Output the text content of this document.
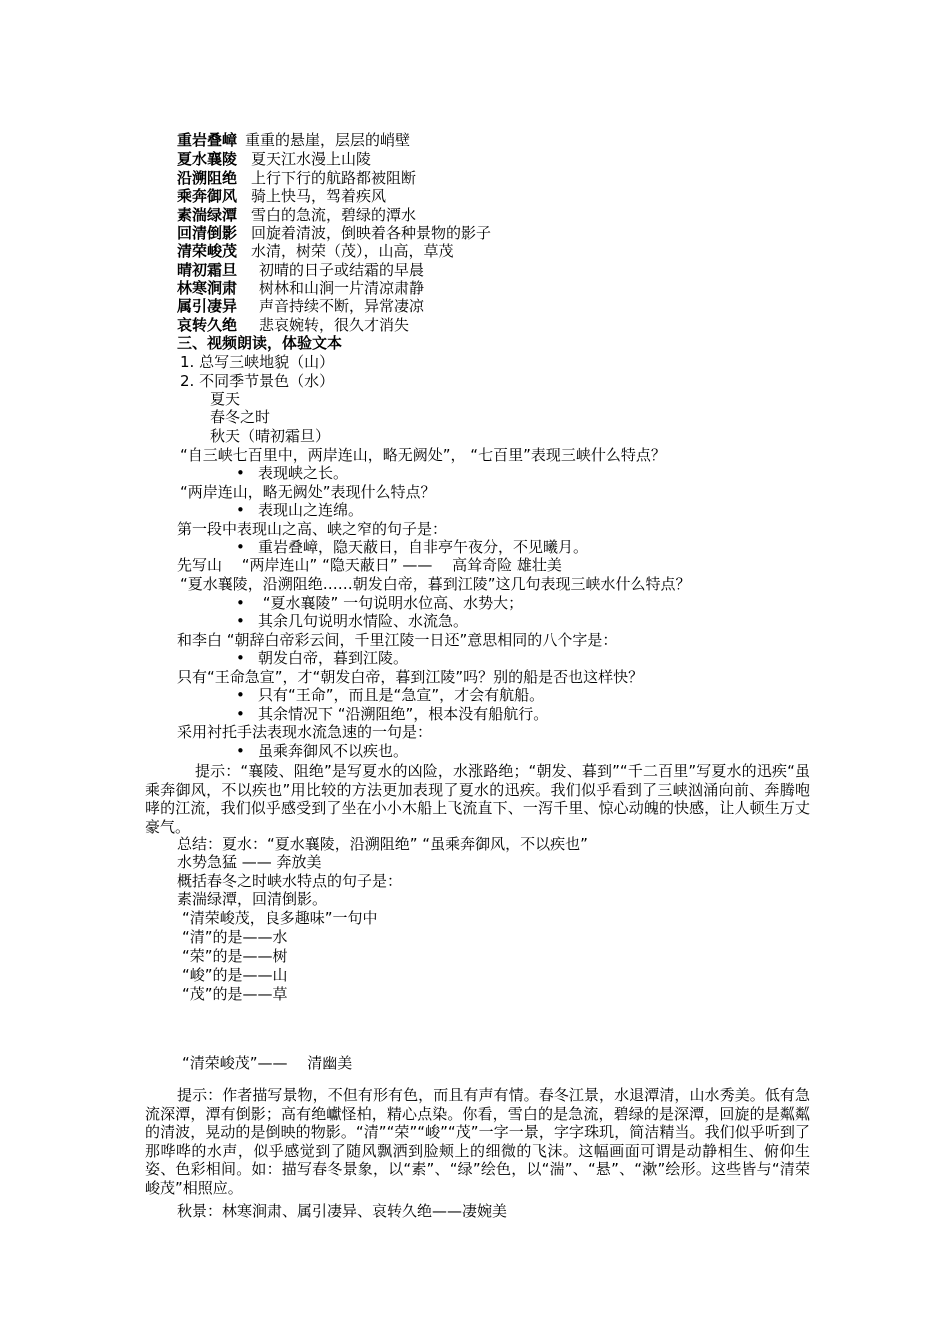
重岩叠嶂 重重的悬崖，层层的峭壁
夏水襄陵 夏天江水漫上山陵
沿溯阻绝 上行下行的航路都被阻断
乘奔御风 骑上快马，驾着疾风
素湍绿潭 雪白的急流，碧绿的潭水
回清倒影 回旋着清波，倒映着各种景物的影子
清荣峻茂 水清，树荣（茂），山高，草茂
晴初霜旦 初晴的日子或结霜的早晨
林寒涧肃 树林和山涧一片清凉肃静
属引凄异 声音持续不断，异常凄凉
哀转久绝 悲哀婉转，很久才消失
三、视频朗读，体验文本
1. 总写三峡地貌（山）
2. 不同季节景色（水）
夏天
春冬之时
秋天（晴初霜旦）
“自三峡七百里中，两岸连山，略无阙处”， “七百里”表现三峡什么特点？
• 表现峡之长。
“两岸连山，略无阙处”表现什么特点？
• 表现山之连绵。
第一段中表现山之高、峡之窄的句子是：
• 重岩叠嶂，隐天蔽日，自非亭午夜分，不见曦月。
先写山　 “两岸连山” “隐天蔽日” ——　 高耸奇险 雄壮美
“夏水襄陵，沿溯阻绝……朝发白帝，暮到江陵”这几句表现三峡水什么特点？
• “夏水襄陵” 一句说明水位高、水势大；
• 其余几句说明水情险、水流急。
和李白 “朝辞白帝彩云间，千里江陵一日还”意思相同的八个字是：
• 朝发白帝，暮到江陵。
只有“王命急宣”，才“朝发白帝，暮到江陵”吗？别的船是否也这样快？
• 只有“王命”，而且是“急宣”，才会有航船。
• 其余情况下 “沿溯阻绝”，根本没有船航行。
采用衬托手法表现水流急速的一句是：
• 虽乘奔御风不以疾也。
提示：“襄陵、阻绝”是写夏水的凶险，水涨路绝；“朝发、暮到”“千二百里”写夏水的迅疾“虽乘奔御风，不以疾也”用比较的方法更加表现了夏水的迅疾。我们似乎看到了三峡汹涌向前、奔腾咆哮的江流，我们似乎感受到了坐在小小木船上飞流直下、一泻千里、惊心动魄的快感，让人顿生万丈豪气。
总结：夏水：“夏水襄陵，沿溯阻绝” “虽乘奔御风，不以疾也”
水势急猛 —— 奔放美
概括春冬之时峡水特点的句子是：
素湍绿潭，回清倒影。
“清荣峻茂，良多趣味”一句中
“清”的是——水
“荣”的是——树
“峻”的是——山
“茂”的是——草
“清荣峻茂”——　 清幽美
提示：作者描写景物，不但有形有色，而且有声有情。春冬江景，水退潭清，山水秀美。低有急流深潭，潭有倒影；高有绝巘怪柏，精心点染。你看，雪白的是急流，碧绿的是深潭，回旋的是粼粼的清波，晃动的是倒映的物影。“清”“荣”“峻”“茂”一字一景，字字珠玑，简洁精当。我们似乎听到了那哗哗的水声，似乎感觉到了随风飘洒到脸颊上的细微的飞沫。这幅画面可谓是动静相生、俯仰生姿、色彩相间。如：描写春冬景象，以“素”、“绿”绘色，以“湍”、“悬”、“漱”绘形。这些皆与“清荣峻茂”相照应。
秋景：林寒涧肃、属引凄异、哀转久绝——凄婉美
